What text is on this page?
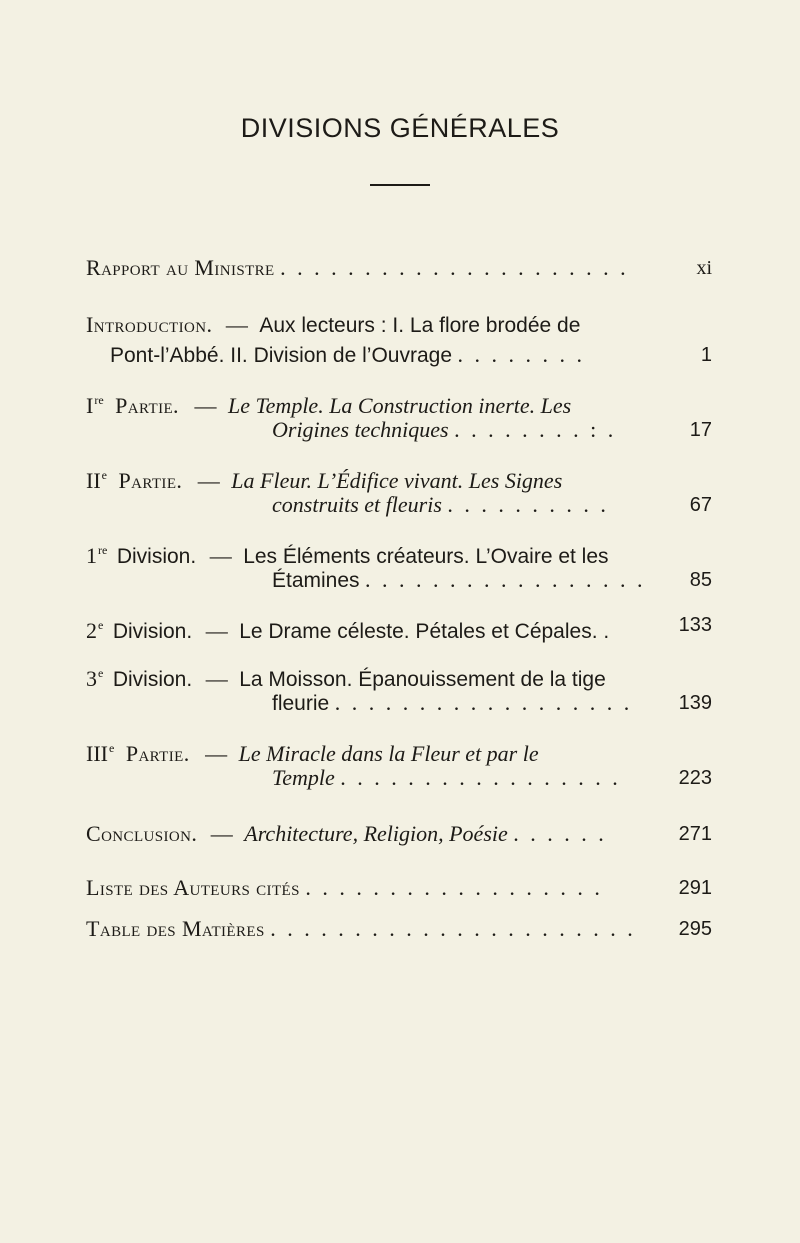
DIVISIONS GÉNÉRALES
Rapport au Ministre . . . . . . . . . . . . . . . . . . . . .	xi
Introduction. — Aux lecteurs : I. La flore brodée de
Pont-l’Abbé. II. Division de l’Ouvrage . . . . . . . .	1
Ire Partie. — Le Temple. La Construction inerte. Les
Origines techniques . . . . . . . . : .	17
IIe Partie. — La Fleur. L’Édifice vivant. Les Signes
construits et fleuris . . . . . . . . . .	67
1re Division. — Les Éléments créateurs. L’Ovaire et les
Étamines . . . . . . . . . . . . . . . . . 85
2e Division. — Le Drame céleste. Pétales et Cépales. .	133
3e Division. — La Moisson. Épanouissement de la tige
fleurie . . . . . . . . . . . . . . . . . . 139
IIIe Partie. — Le Miracle dans la Fleur et par le
Temple . . . . . . . . . . . . . . . . .	223
Conclusion. — Architecture, Religion, Poésie . . . . . .	271
Liste des Auteurs cités . . . . . . . . . . . . . . . . . .	291
Table des Matières . . . . . . . . . . . . . . . . . . . . . . 295
